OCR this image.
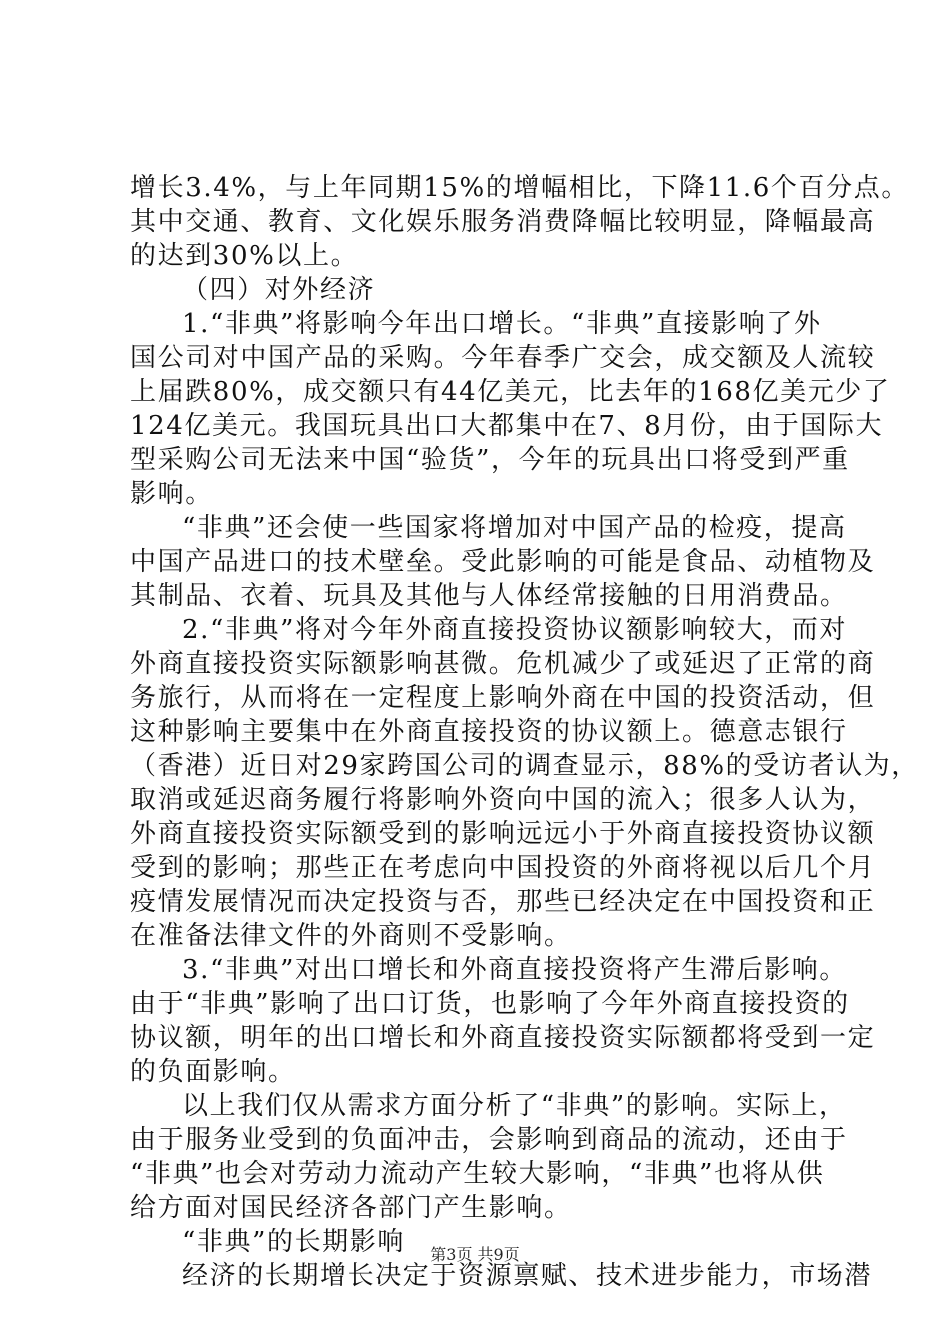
增长3.4%，与上年同期15%的增幅相比，下降11.6个百分点。
其中交通、教育、文化娱乐服务消费降幅比较明显，降幅最高
的达到30%以上。
（四）对外经济
1.“非典”将影响今年出口增长。“非典”直接影响了外
国公司对中国产品的采购。今年春季广交会，成交额及人流较
上届跌80%，成交额只有44亿美元，比去年的168亿美元少了
124亿美元。我国玩具出口大都集中在7、8月份，由于国际大
型采购公司无法来中国“验货”，今年的玩具出口将受到严重
影响。
“非典”还会使一些国家将增加对中国产品的检疫，提高
中国产品进口的技术壁垒。受此影响的可能是食品、动植物及
其制品、衣着、玩具及其他与人体经常接触的日用消费品。
2.“非典”将对今年外商直接投资协议额影响较大，而对
外商直接投资实际额影响甚微。危机减少了或延迟了正常的商
务旅行，从而将在一定程度上影响外商在中国的投资活动，但
这种影响主要集中在外商直接投资的协议额上。德意志银行
（香港）近日对29家跨国公司的调查显示，88%的受访者认为，
取消或延迟商务履行将影响外资向中国的流入；很多人认为，
外商直接投资实际额受到的影响远远小于外商直接投资协议额
受到的影响；那些正在考虑向中国投资的外商将视以后几个月
疫情发展情况而决定投资与否，那些已经决定在中国投资和正
在准备法律文件的外商则不受影响。
3.“非典”对出口增长和外商直接投资将产生滞后影响。
由于“非典”影响了出口订货，也影响了今年外商直接投资的
协议额，明年的出口增长和外商直接投资实际额都将受到一定
的负面影响。
以上我们仅从需求方面分析了“非典”的影响。实际上，
由于服务业受到的负面冲击，会影响到商品的流动，还由于
“非典”也会对劳动力流动产生较大影响，“非典”也将从供
给方面对国民经济各部门产生影响。
“非典”的长期影响
经济的长期增长决定于资源禀赋、技术进步能力，市场潜
第3页 共9页
